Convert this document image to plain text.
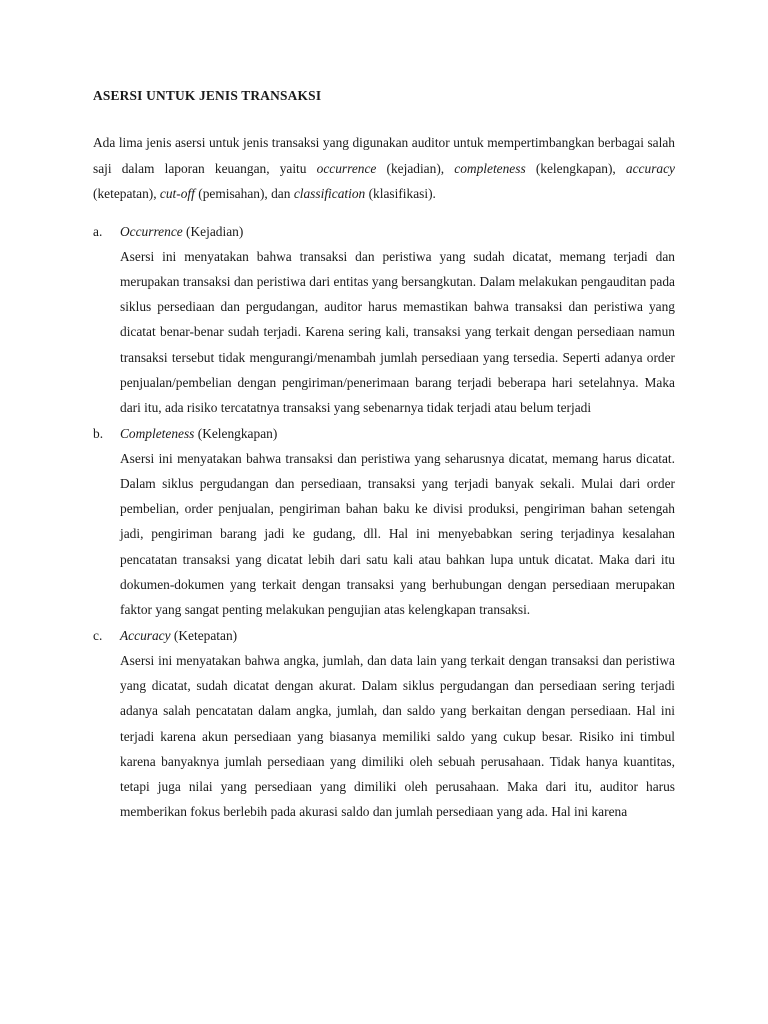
ASERSI UNTUK JENIS TRANSAKSI

Ada lima jenis asersi untuk jenis transaksi yang digunakan auditor untuk mempertimbangkan berbagai salah saji dalam laporan keuangan, yaitu occurrence (kejadian), completeness (kelengkapan), accuracy (ketepatan), cut-off (pemisahan), dan classification (klasifikasi).

a. Occurrence (Kejadian)

Asersi ini menyatakan bahwa transaksi dan peristiwa yang sudah dicatat, memang terjadi dan merupakan transaksi dan peristiwa dari entitas yang bersangkutan. Dalam melakukan pengauditan pada siklus persediaan dan pergudangan, auditor harus memastikan bahwa transaksi dan peristiwa yang dicatat benar-benar sudah terjadi. Karena sering kali, transaksi yang terkait dengan persediaan namun transaksi tersebut tidak mengurangi/menambah jumlah persediaan yang tersedia. Seperti adanya order penjualan/pembelian dengan pengiriman/penerimaan barang terjadi beberapa hari setelahnya. Maka dari itu, ada risiko tercatatnya transaksi yang sebenarnya tidak terjadi atau belum terjadi

b. Completeness (Kelengkapan)

Asersi ini menyatakan bahwa transaksi dan peristiwa yang seharusnya dicatat, memang harus dicatat. Dalam siklus pergudangan dan persediaan, transaksi yang terjadi banyak sekali. Mulai dari order pembelian, order penjualan, pengiriman bahan baku ke divisi produksi, pengiriman bahan setengah jadi, pengiriman barang jadi ke gudang, dll. Hal ini menyebabkan sering terjadinya kesalahan pencatatan transaksi yang dicatat lebih dari satu kali atau bahkan lupa untuk dicatat. Maka dari itu dokumen-dokumen yang terkait dengan transaksi yang berhubungan dengan persediaan merupakan faktor yang sangat penting melakukan pengujian atas kelengkapan transaksi.

c. Accuracy (Ketepatan)

Asersi ini menyatakan bahwa angka, jumlah, dan data lain yang terkait dengan transaksi dan peristiwa yang dicatat, sudah dicatat dengan akurat. Dalam siklus pergudangan dan persediaan sering terjadi adanya salah pencatatan dalam angka, jumlah, dan saldo yang berkaitan dengan persediaan. Hal ini terjadi karena akun persediaan yang biasanya memiliki saldo yang cukup besar. Risiko ini timbul karena banyaknya jumlah persediaan yang dimiliki oleh sebuah perusahaan. Tidak hanya kuantitas, tetapi juga nilai yang persediaan yang dimiliki oleh perusahaan. Maka dari itu, auditor harus memberikan fokus berlebih pada akurasi saldo dan jumlah persediaan yang ada. Hal ini karena
